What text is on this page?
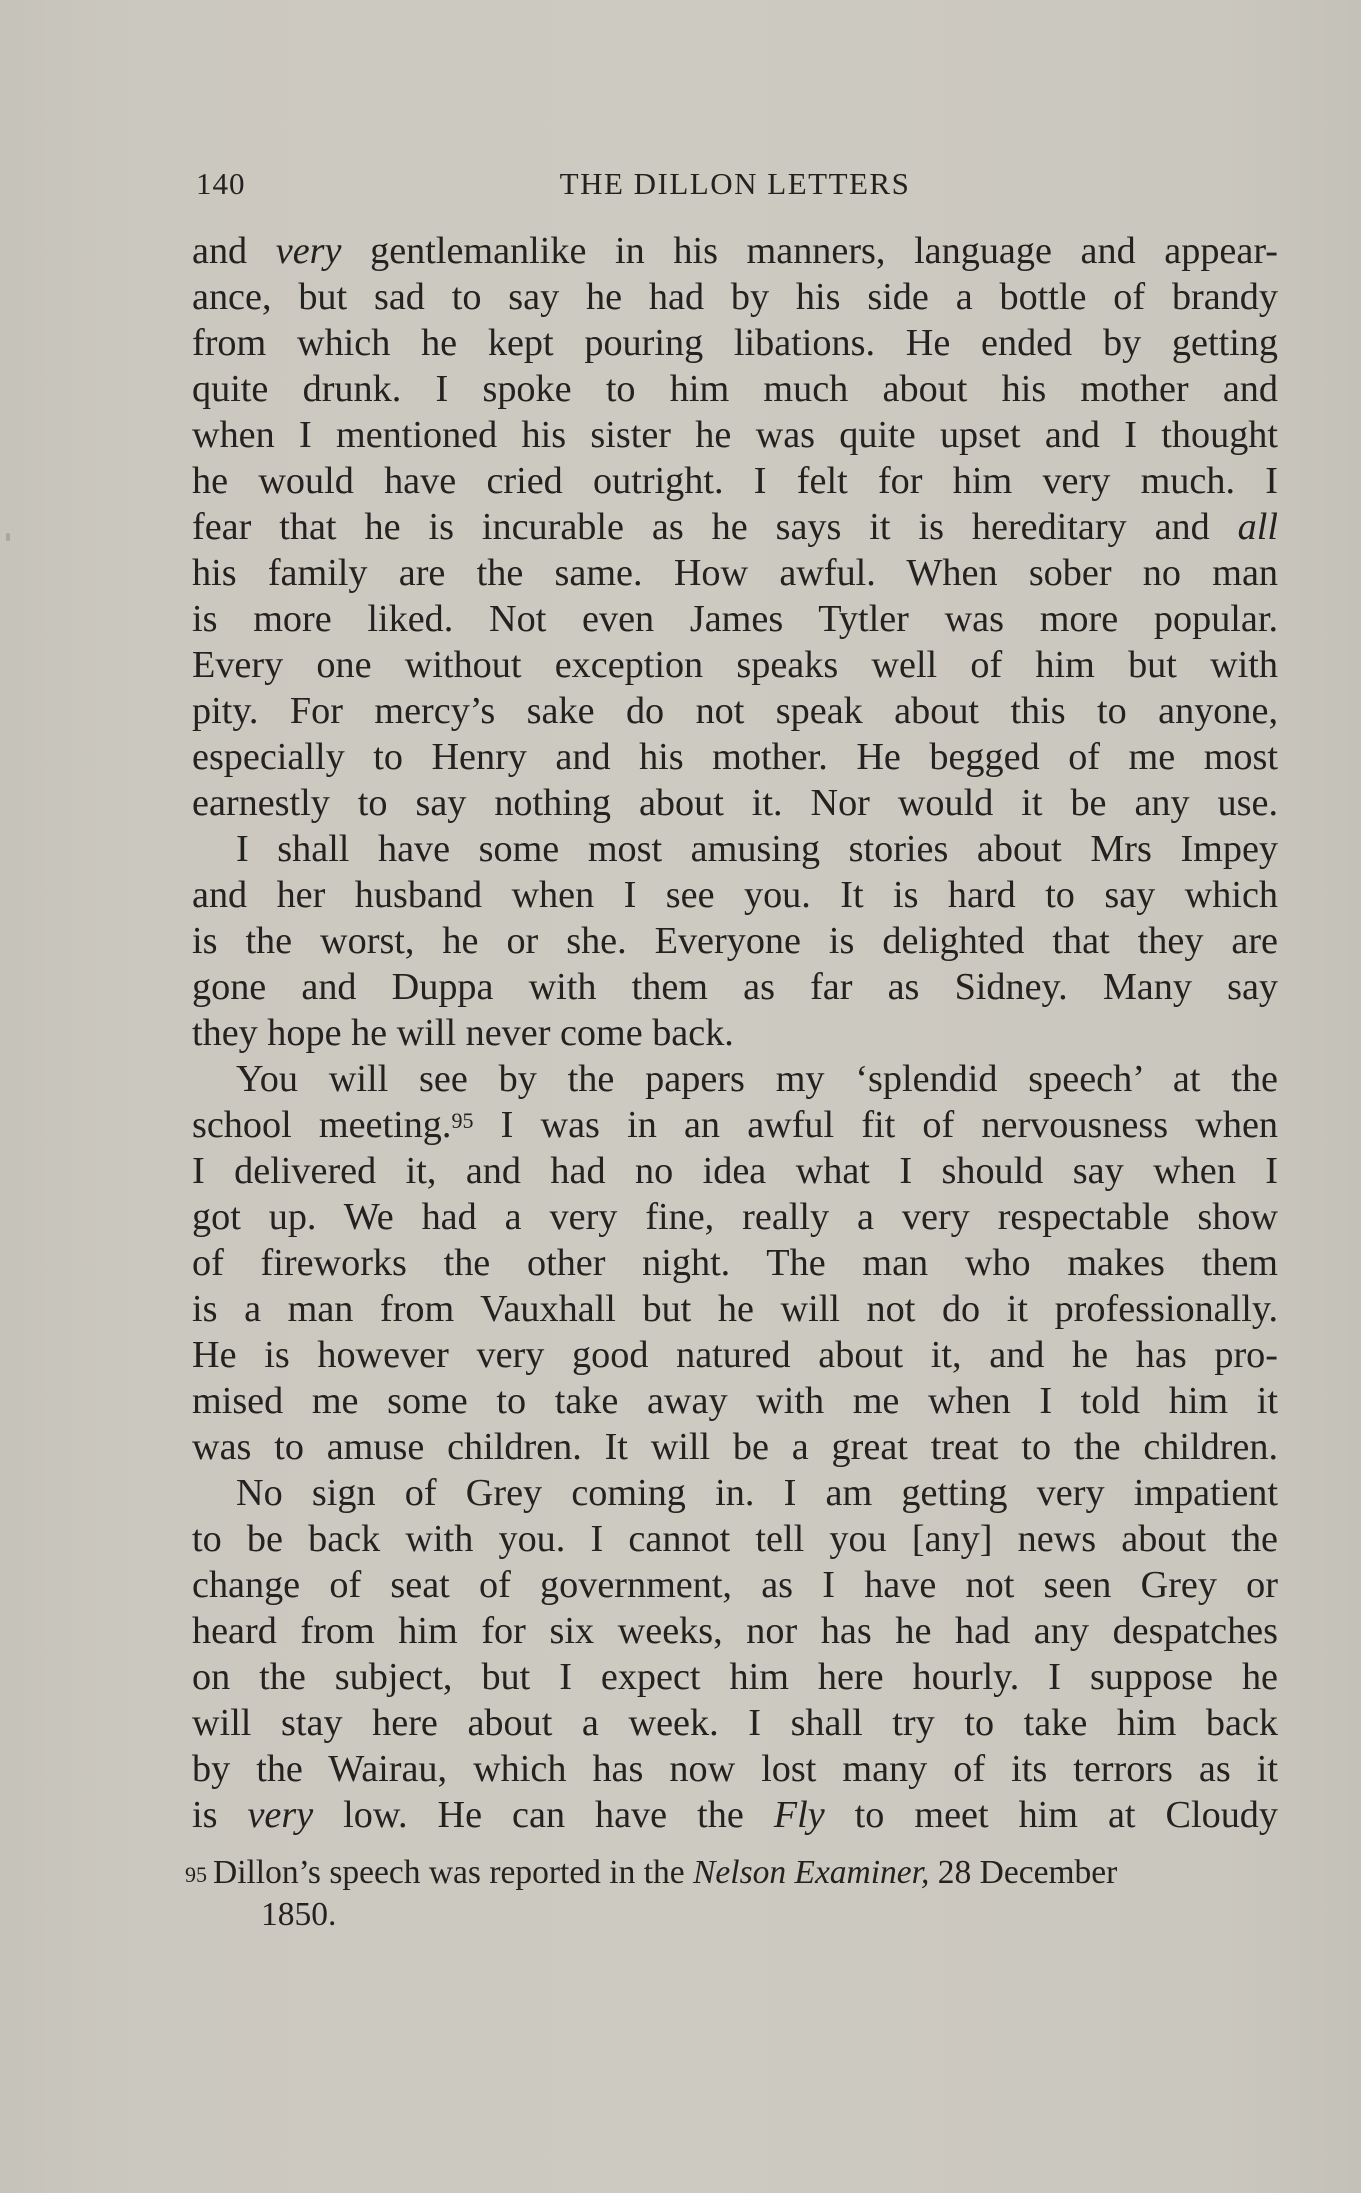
140	THE DILLON LETTERS
and very gentlemanlike in his manners, language and appear-
ance, but sad to say he had by his side a bottle of brandy
from which he kept pouring libations. He ended by getting
quite drunk. I spoke to him much about his mother and
when I mentioned his sister he was quite upset and I thought
he would have cried outright. I felt for him very much. I
fear that he is incurable as he says it is hereditary and all
his family are the same. How awful. When sober no man
is more liked. Not even James Tytler was more popular.
Every one without exception speaks well of him but with
pity. For mercy’s sake do not speak about this to anyone,
especially to Henry and his mother. He begged of me most
earnestly to say nothing about it. Nor would it be any use.
I shall have some most amusing stories about Mrs Impey
and her husband when I see you. It is hard to say which
is the worst, he or she. Everyone is delighted that they are
gone and Duppa with them as far as Sidney. Many say
they hope he will never come back.
You will see by the papers my ‘splendid speech’ at the
school meeting.$^{95}$ I was in an awful fit of nervousness when
I delivered it, and had no idea what I should say when I
got up. We had a very fine, really a very respectable show
of fireworks the other night. The man who makes them
is a man from Vauxhall but he will not do it professionally.
He is however very good natured about it, and he has pro-
mised me some to take away with me when I told him it
was to amuse children. It will be a great treat to the children.
No sign of Grey coming in. I am getting very impatient
to be back with you. I cannot tell you [any] news about the
change of seat of government, as I have not seen Grey or
heard from him for six weeks, nor has he had any despatches
on the subject, but I expect him here hourly. I suppose he
will stay here about a week. I shall try to take him back
by the Wairau, which has now lost many of its terrors as it
is very low. He can have the Fly to meet him at Cloudy
$^{95}$ Dillon’s speech was reported in the Nelson Examiner, 28 December
1850.
